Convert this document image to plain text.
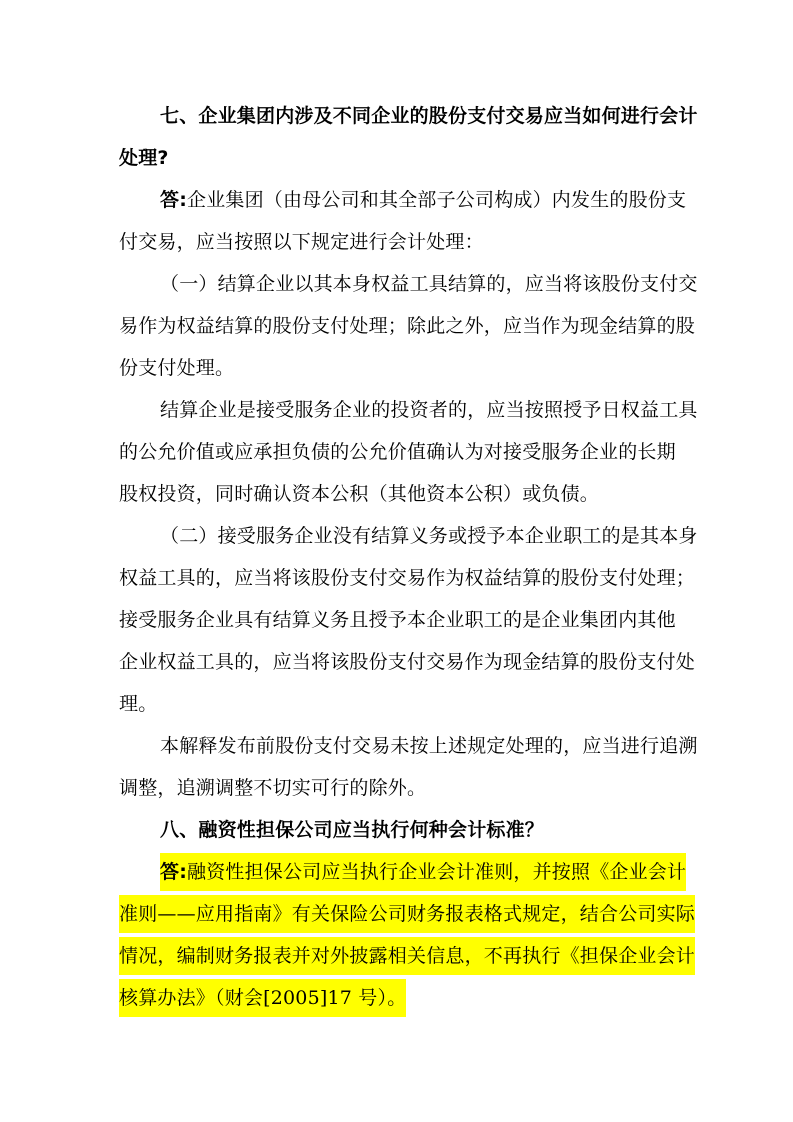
七、企业集团内涉及不同企业的股份支付交易应当如何进行会计
处理?
答:企业集团（由母公司和其全部子公司构成）内发生的股份支
付交易，应当按照以下规定进行会计处理：
（一）结算企业以其本身权益工具结算的，应当将该股份支付交
易作为权益结算的股份支付处理；除此之外，应当作为现金结算的股
份支付处理。
结算企业是接受服务企业的投资者的，应当按照授予日权益工具
的公允价值或应承担负债的公允价值确认为对接受服务企业的长期
股权投资，同时确认资本公积（其他资本公积）或负债。
（二）接受服务企业没有结算义务或授予本企业职工的是其本身
权益工具的，应当将该股份支付交易作为权益结算的股份支付处理；
接受服务企业具有结算义务且授予本企业职工的是企业集团内其他
企业权益工具的，应当将该股份支付交易作为现金结算的股份支付处
理。
本解释发布前股份支付交易未按上述规定处理的，应当进行追溯
调整，追溯调整不切实可行的除外。
八、融资性担保公司应当执行何种会计标准？
答:融资性担保公司应当执行企业会计准则，并按照《企业会计
准则——应用指南》有关保险公司财务报表格式规定，结合公司实际
情况，编制财务报表并对外披露相关信息，不再执行《担保企业会计
核算办法》（财会[2005]17 号）。
